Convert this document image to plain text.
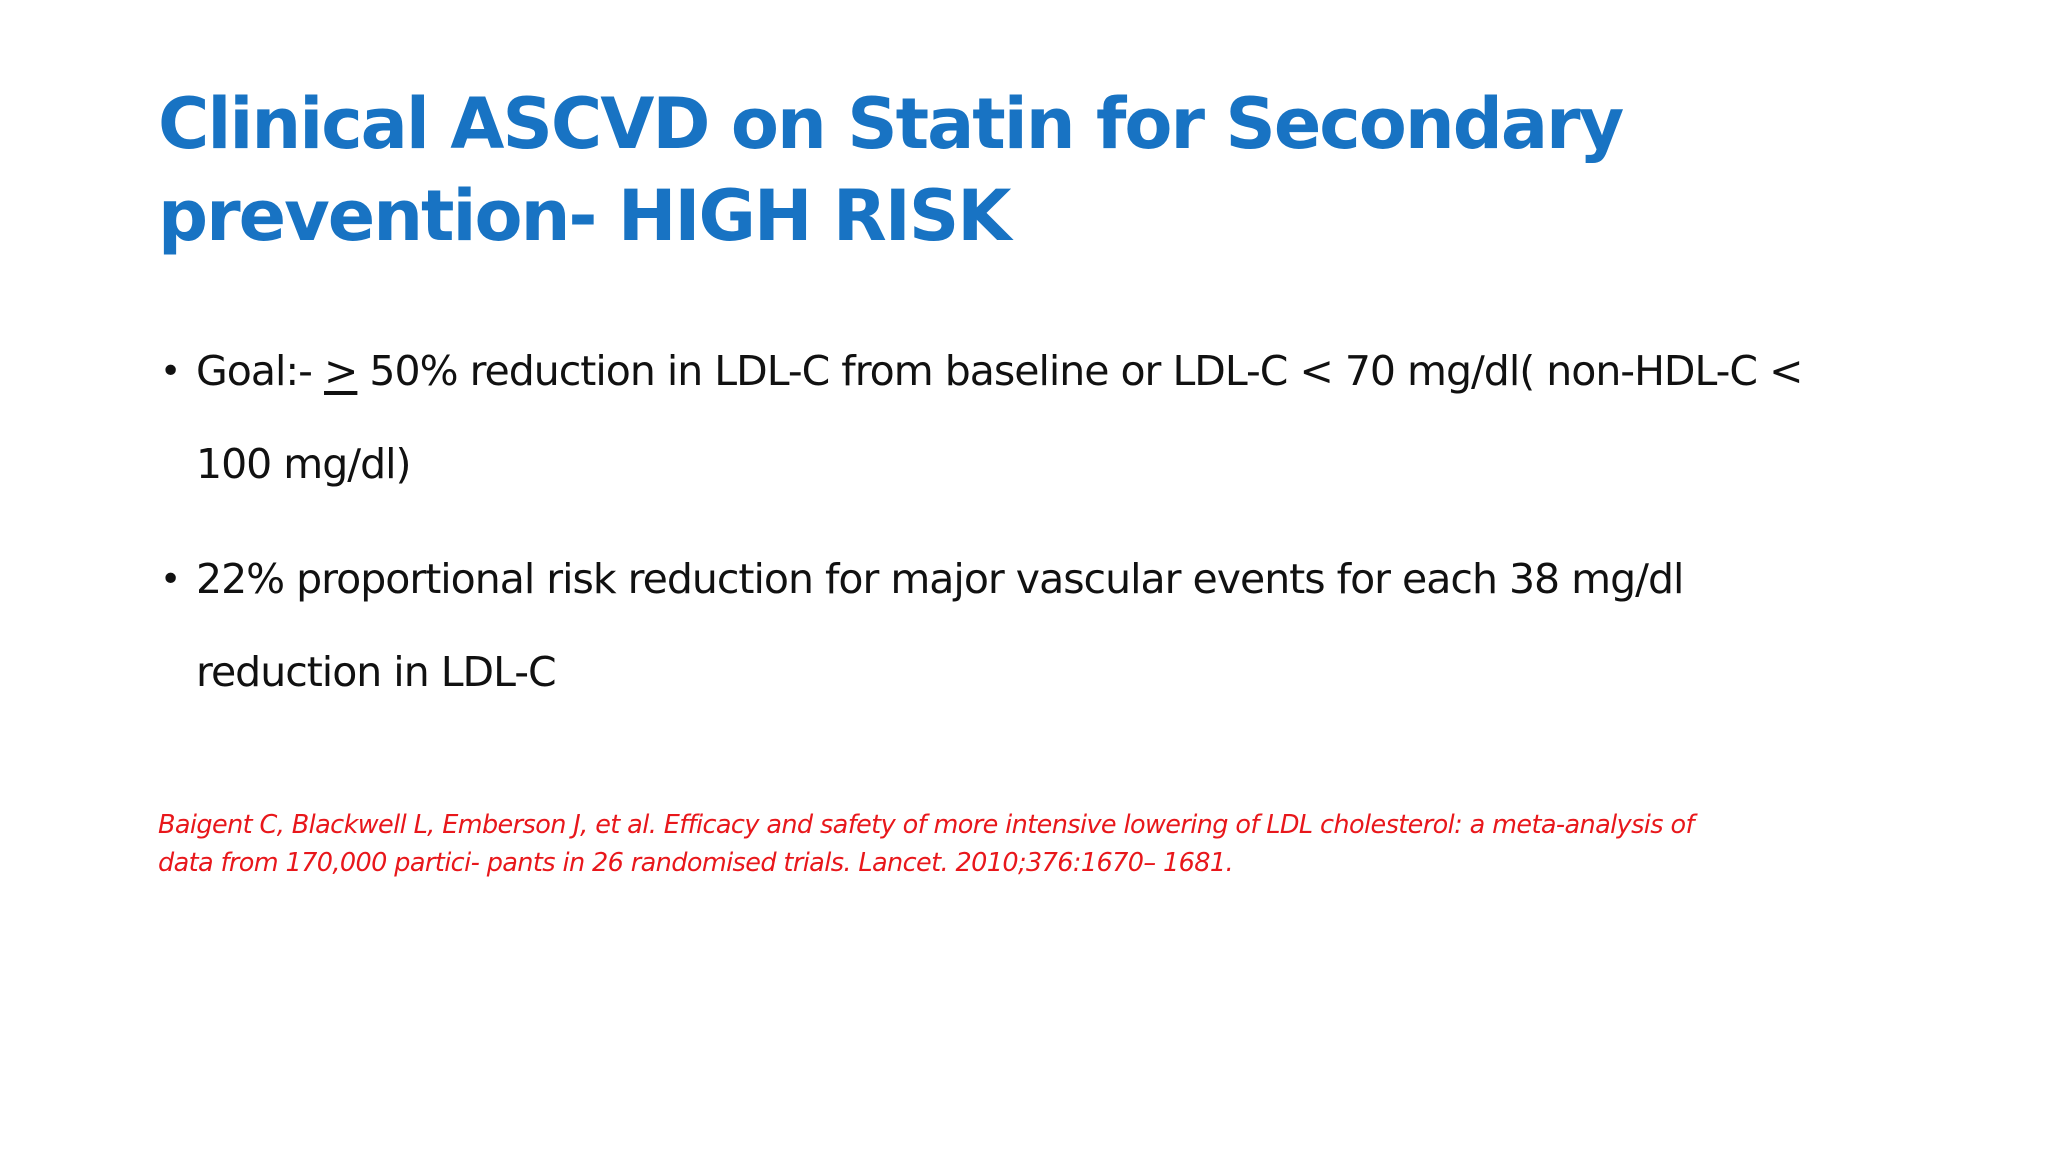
Clinical ASCVD on Statin for Secondary
prevention- HIGH RISK
• Goal:- ≥ 50% reduction in LDL-C from baseline or LDL-C < 70 mg/dl( non-HDL-C <
100 mg/dl)
• 22% proportional risk reduction for major vascular events for each 38 mg/dl
reduction in LDL-C

Baigent C, Blackwell L, Emberson J, et al. Efficacy and safety of more intensive lowering of LDL cholesterol: a meta-analysis of
data from 170,000 partici- pants in 26 randomised trials. Lancet. 2010;376:1670– 1681.
